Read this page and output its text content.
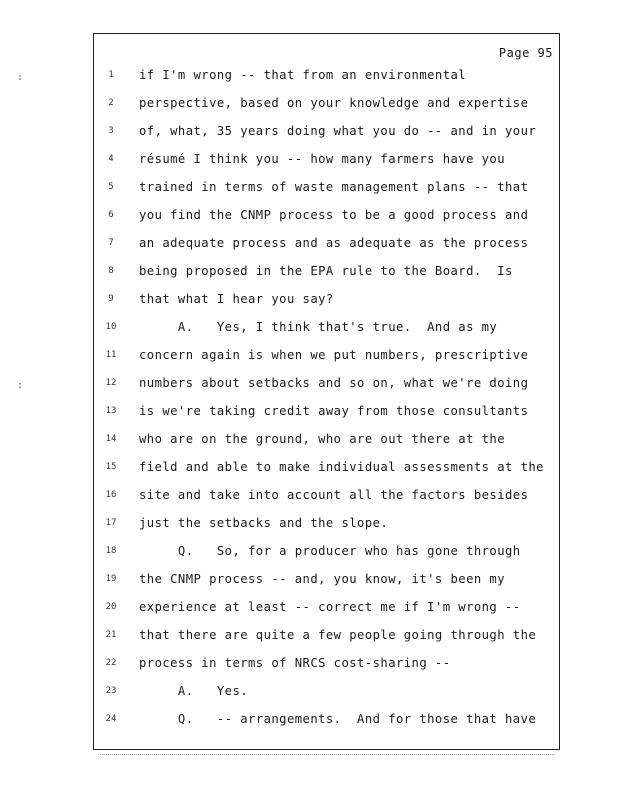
:
:
Page 95
1	if I'm wrong -- that from an environmental
2	perspective, based on your knowledge and expertise
3	of, what, 35 years doing what you do -- and in your
4	résumé I think you -- how many farmers have you
5	trained in terms of waste management plans -- that
6	you find the CNMP process to be a good process and
7	an adequate process and as adequate as the process
8	being proposed in the EPA rule to the Board.  Is
9	that what I hear you say?
10 A.   Yes, I think that's true.  And as my
11 concern again is when we put numbers, prescriptive
12 numbers about setbacks and so on, what we're doing
13 is we're taking credit away from those consultants
14 who are on the ground, who are out there at the
15 field and able to make individual assessments at the
16 site and take into account all the factors besides
17 just the setbacks and the slope.
18 Q.   So, for a producer who has gone through
19 the CNMP process -- and, you know, it's been my
20 experience at least -- correct me if I'm wrong --
21 that there are quite a few people going through the
22 process in terms of NRCS cost-sharing --
23 A.   Yes.
24 Q.   -- arrangements.  And for those that have
